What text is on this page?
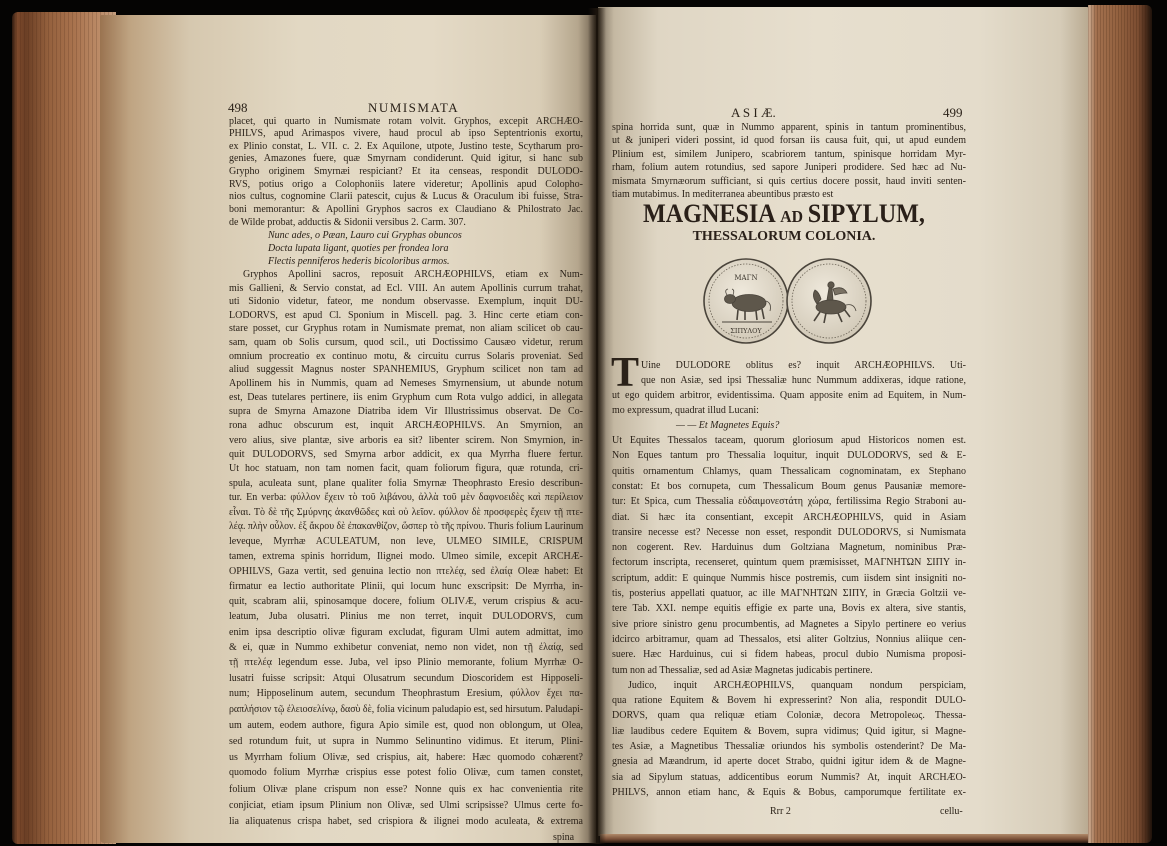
498	NUMISMATA	A S I Æ.	499
MAGNESIA AD SIPYLUM,
THESSALORUM COLONIA.
ΜΑΓΝ
ΣΙΠΥΛΟΥ
T
placet, qui quarto in Numismate rotam volvit. Gryphos, excepit ARCHÆO-
PHILVS, apud Arimaspos vivere, haud procul ab ipso Septentrionis exortu,
ex Plinio constat, L. VII. c. 2. Ex Aquilone, utpote, Justino teste, Scytharum pro-
genies, Amazones fuere, quæ Smyrnam condiderunt. Quid igitur, si hanc sub
Grypho originem Smyrnæi respiciant? Et ita censeas, respondit DULODO-
RVS, potius origo a Colophoniis latere videretur; Apollinis apud Colopho-
nios cultus, cognomine Clarii patescit, cujus & Lucus & Oraculum ibi fuisse, Stra-
boni memorantur: & Apollini Gryphos sacros ex Claudiano & Philostrato Jac.
de Wilde probat, adductis & Sidonii versibus 2. Carm. 307.
Nunc ades, o Pæan, Lauro cui Gryphas obuncos
Docta lupata ligant, quoties per frondea lora
Flectis penniferos hederis bicoloribus armos.
Gryphos Apollini sacros, reposuit ARCHÆOPHILVS, etiam ex Num-
mis Gallieni, & Servio constat, ad Ecl. VIII. An autem Apollinis currum trahat,
uti Sidonio videtur, fateor, me nondum observasse. Exemplum, inquit DU-
LODORVS, est apud Cl. Sponium in Miscell. pag. 3. Hinc certe etiam con-
stare posset, cur Gryphus rotam in Numismate premat, non aliam scilicet ob cau-
sam, quam ob Solis cursum, quod scil., uti Doctissimo Causæo videtur, rerum
omnium procreatio ex continuo motu, & circuitu currus Solaris proveniat. Sed
aliud suggessit Magnus noster SPANHEMIUS, Gryphum scilicet non tam ad
Apollinem his in Nummis, quam ad Nemeses Smyrnensium, ut abunde notum
est, Deas tutelares pertinere, iis enim Gryphum cum Rota vulgo addici, in allegata
supra de Smyrna Amazone Diatriba idem Vir Illustrissimus observat. De Co-
rona adhuc obscurum est, inquit ARCHÆOPHILVS. An Smyrnion, an
vero alius, sive plantæ, sive arboris ea sit? libenter scirem. Non Smyrnion, in-
quit DULODORVS, sed Smyrna arbor addicit, ex qua Myrrha fluere fertur.
Ut hoc statuam, non tam nomen facit, quam foliorum figura, quæ rotunda, cri-
spula, aculeata sunt, plane qualiter folia Smyrnæ Theophrasto Eresio describun-
tur. En verba: φύλλον ἔχειν τὸ τοῦ λιβάνου, ἀλλὰ τοῦ μὲν δαφνοειδὲς καὶ περίλειον
εἶναι. Τὸ δὲ τῆς Σμύρνης ἀκανθῶδες καὶ οὐ λεῖον. φύλλον δὲ προσφερὲς ἔχειν τῇ πτε-
λέᾳ. πλὴν οὖλον. ἐξ ἄκρου δὲ ἐπακανθίζον, ὥσπερ τὸ τῆς πρίνου. Thuris folium Laurinum
leveque, Myrrhæ ACULEATUM, non leve, ULMEO SIMILE, CRISPUM
tamen, extrema spinis horridum, Ilignei modo. Ulmeo simile, excepit ARCHÆ-
OPHILVS, Gaza vertit, sed genuina lectio non πτελέᾳ, sed ἐλαίᾳ Oleæ habet: Et
firmatur ea lectio authoritate Plinii, qui locum hunc exscripsit: De Myrrha, in-
quit, scabram alii, spinosamque docere, folium OLIVÆ, verum crispius & acu-
leatum, Juba olusatri. Plinius me non terret, inquit DULODORVS, cum
enim ipsa descriptio olivæ figuram excludat, figuram Ulmi autem admittat, imo
& ei, quæ in Nummo exhibetur conveniat, nemo non videt, non τῇ ἐλαίᾳ, sed
τῇ πτελέᾳ legendum esse. Juba, vel ipso Plinio memorante, folium Myrrhæ O-
lusatri fuisse scripsit: Atqui Olusatrum secundum Dioscoridem est Hipposeli-
num; Hipposelinum autem, secundum Theophrastum Eresium, φύλλον ἔχει πα-
ραπλήσιον τῷ ἐλειοσελίνῳ, δασὺ δὲ, folia vicinum paludapio est, sed hirsutum. Paludapi-
um autem, eodem authore, figura Apio simile est, quod non oblongum, ut Olea,
sed rotundum fuit, ut supra in Nummo Selinuntino vidimus. Et iterum, Plini-
us Myrrham folium Olivæ, sed crispius, ait, habere: Hæc quomodo cohærent?
quomodo folium Myrrhæ crispius esse potest folio Olivæ, cum tamen constet,
folium Olivæ plane crispum non esse? Nonne quis ex hac convenientia rite
conjiciat, etiam ipsum Plinium non Olivæ, sed Ulmi scripsisse? Ulmus certe fo-
lia aliquatenus crispa habet, sed crispiora & ilignei modo aculeata, & extrema
spina
spina horrida sunt, quæ in Nummo apparent, spinis in tantum prominentibus,
ut & juniperi videri possint, id quod forsan iis causa fuit, qui, ut apud eundem
Plinium est, similem Junipero, scabriorem tantum, spinisque horridam Myr-
rham, folium autem rotundius, sed sapore Juniperi prodidere. Sed hæc ad Nu-
mismata Smyrnæorum sufficiant, si quis certius docere possit, haud inviti senten-
tiam mutabimus. In mediterranea abeuntibus præsto est
Uine DULODORE oblitus es? inquit ARCHÆOPHILVS. Uti-
que non Asiæ, sed ipsi Thessaliæ hunc Nummum addixeras, idque ratione,
ut ego quidem arbitror, evidentissima. Quam apposite enim ad Equitem, in Num-
mo expressum, quadrat illud Lucani:
— — Et Magnetes Equis?
Ut Equites Thessalos taceam, quorum gloriosum apud Historicos nomen est.
Non Eques tantum pro Thessalia loquitur, inquit DULODORVS, sed & E-
quitis ornamentum Chlamys, quam Thessalicam cognominatam, ex Stephano
constat: Et bos cornupeta, cum Thessalicum Boum genus Pausaniæ memore-
tur: Et Spica, cum Thessalia εὐδαιμονεστάτη χώρα, fertilissima Regio Straboni au-
diat. Si hæc ita consentiant, excepit ARCHÆOPHILVS, quid in Asiam
transire necesse est? Necesse non esset, respondit DULODORVS, si Numismata
non cogerent. Rev. Harduinus dum Goltziana Magnetum, nominibus Præ-
fectorum inscripta, recenseret, quintum quem præmisisset, ΜΑΓΝΗΤΩΝ ΣΙΠΥ in-
scriptum, addit: E quinque Nummis hisce postremis, cum iisdem sint insigniti no-
tis, posterius appellati quatuor, ac ille ΜΑΓΝΗΤΩΝ ΣΙΠΥ, in Græcia Goltzii ve-
tere Tab. XXI. nempe equitis effigie ex parte una, Bovis ex altera, sive stantis,
sive priore sinistro genu procumbentis, ad Magnetes a Sipylo pertinere eo verius
idcirco arbitramur, quam ad Thessalos, etsi aliter Goltzius, Nonnius aliique cen-
suere. Hæc Harduinus, cui si fidem habeas, procul dubio Numisma proposi-
tum non ad Thessaliæ, sed ad Asiæ Magnetas judicabis pertinere.
Judico, inquit ARCHÆOPHILVS, quanquam nondum perspiciam,
qua ratione Equitem & Bovem hi expresserint? Non alia, respondit DULO-
DORVS, quam qua reliquæ etiam Coloniæ, decora Metropoleως. Thessa-
liæ laudibus cedere Equitem & Bovem, supra vidimus; Quid igitur, si Magne-
tes Asiæ, a Magnetibus Thessaliæ oriundos his symbolis ostenderint? De Ma-
gnesia ad Mæandrum, id aperte docet Strabo, quidni igitur idem & de Magne-
sia ad Sipylum statuas, addicentibus eorum Nummis? At, inquit ARCHÆO-
PHILVS, annon etiam hanc, & Equis & Bobus, camporumque fertilitate ex-
Rrr 2	cellu-
